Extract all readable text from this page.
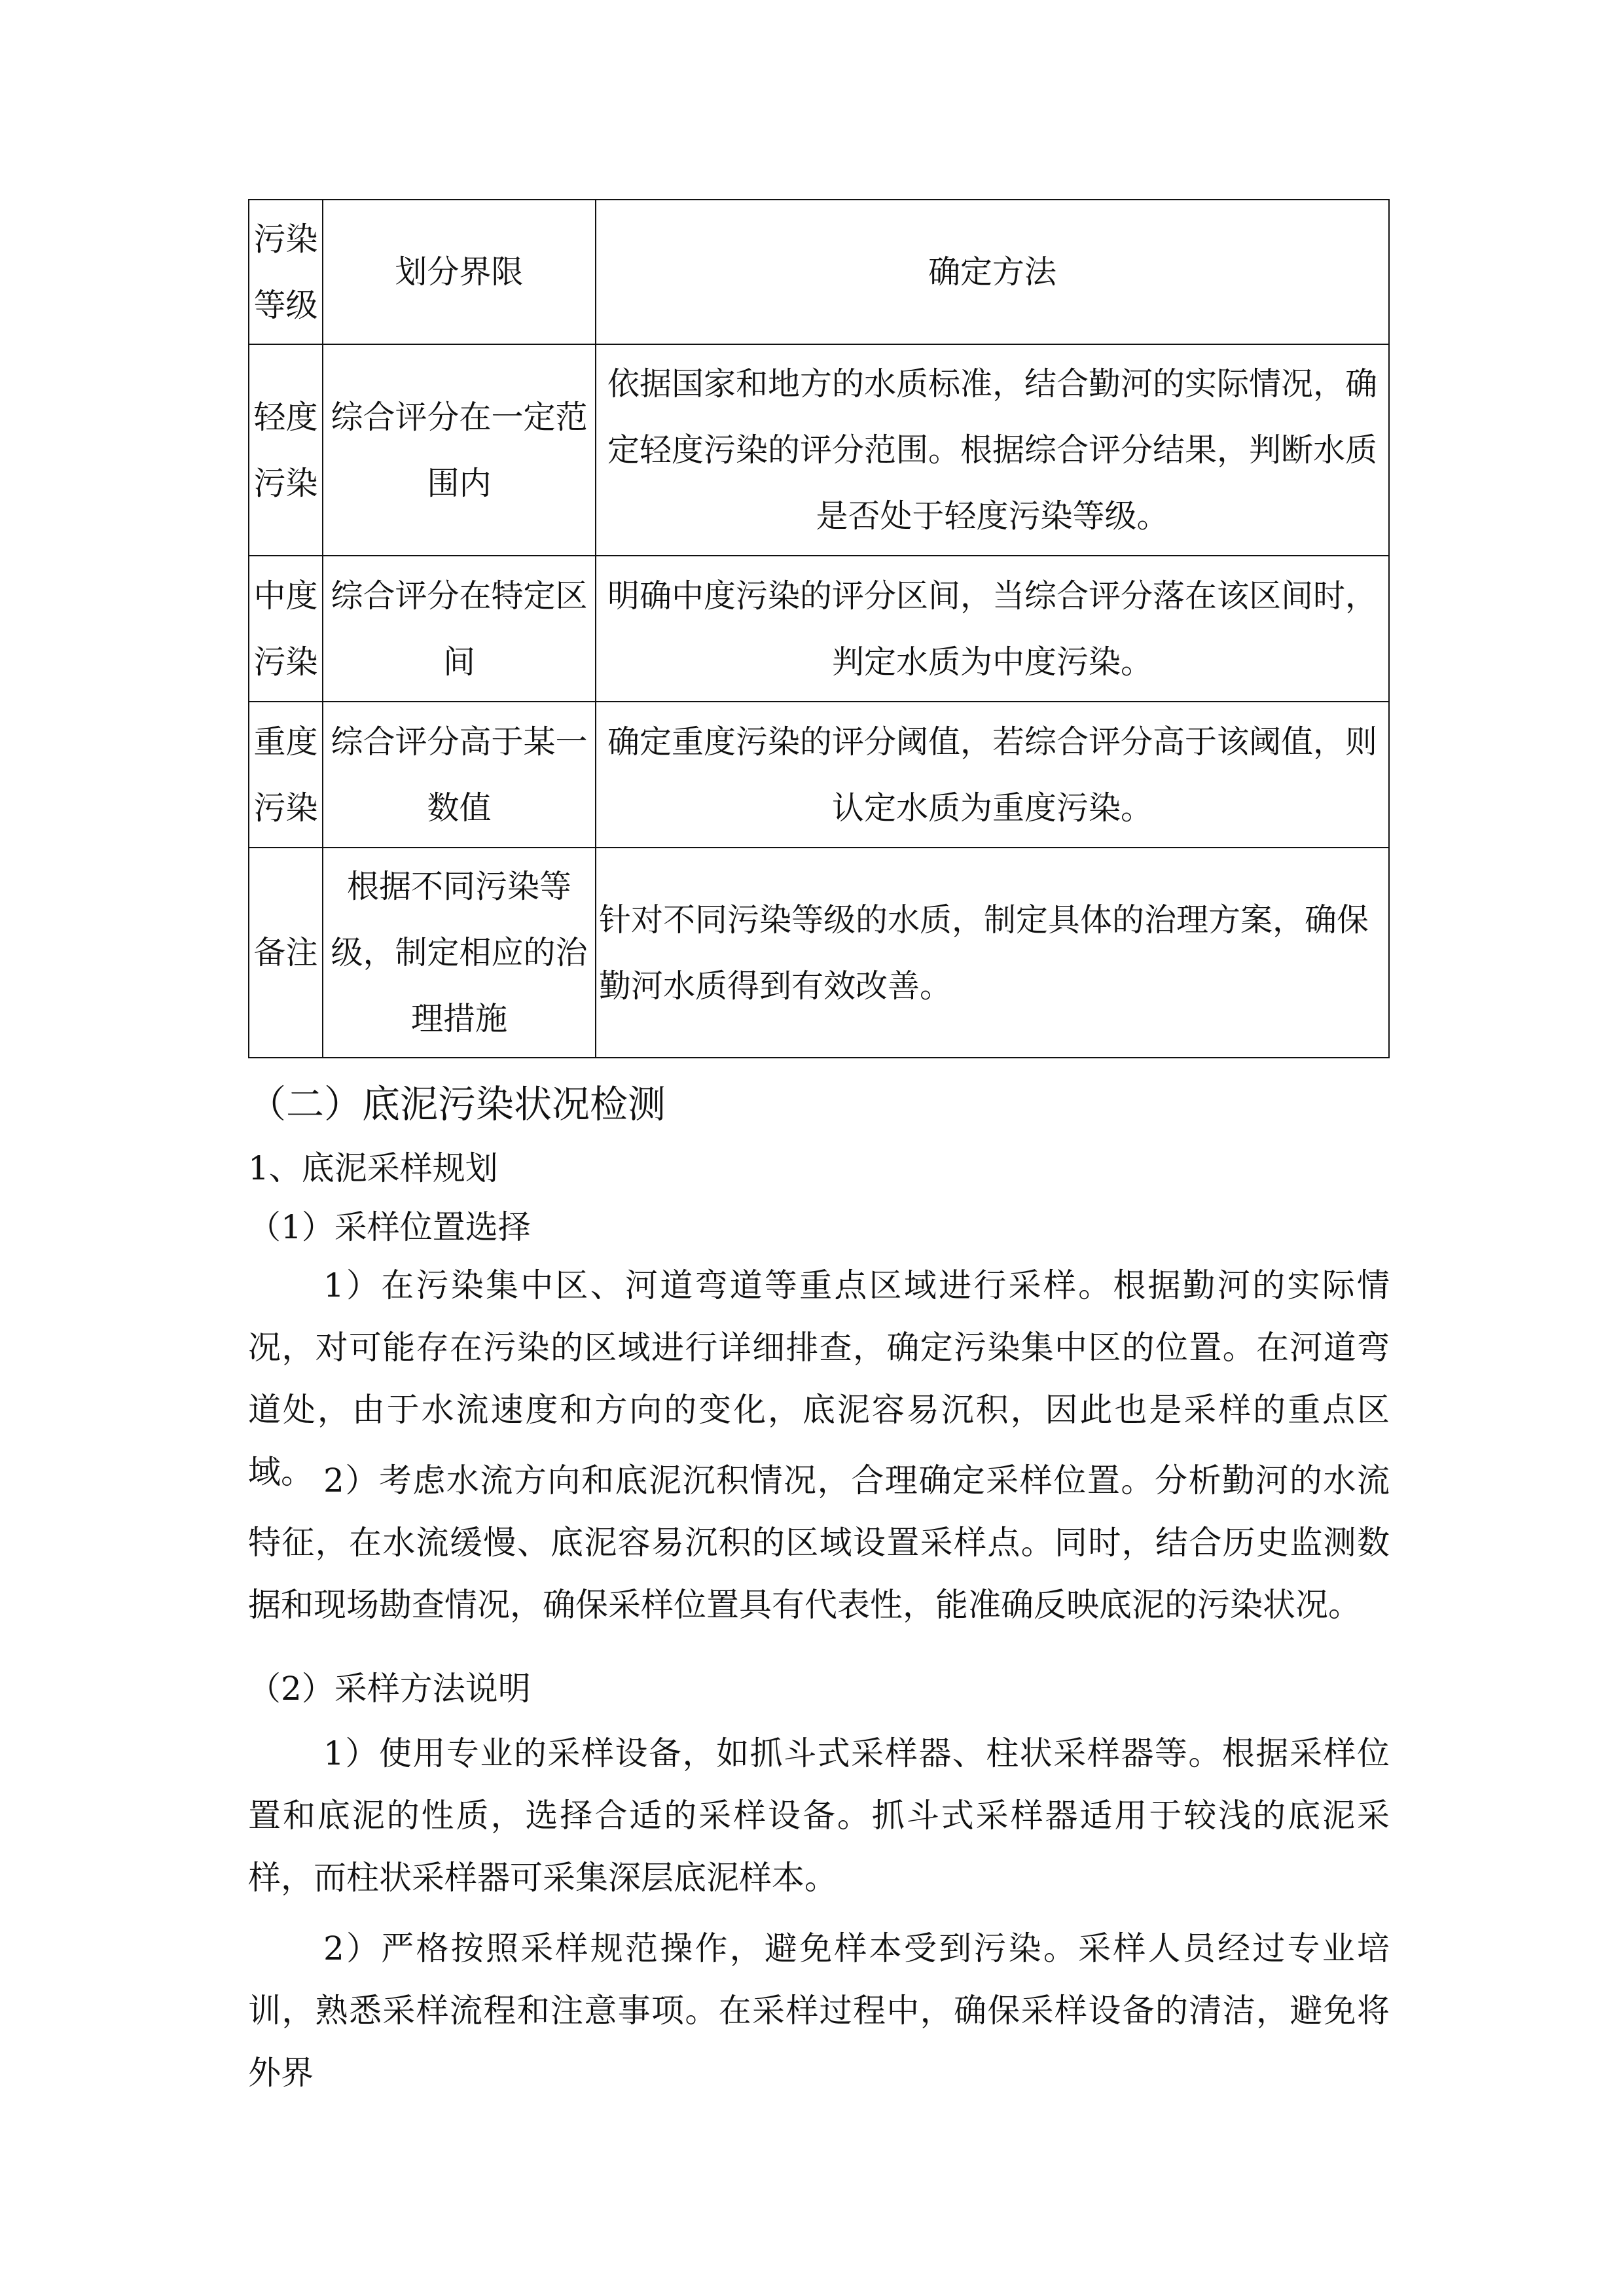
污染等级	划分界限	确定方法
轻度污染	综合评分在一定范围内	依据国家和地方的水质标准，结合勤河的实际情况，确定轻度污染的评分范围。根据综合评分结果，判断水质是否处于轻度污染等级。
中度污染	综合评分在特定区间	明确中度污染的评分区间，当综合评分落在该区间时，判定水质为中度污染。
重度污染	综合评分高于某一数值	确定重度污染的评分阈值，若综合评分高于该阈值，则认定水质为重度污染。
备注	根据不同污染等级，制定相应的治理措施	针对不同污染等级的水质，制定具体的治理方案，确保勤河水质得到有效改善。
（二）底泥污染状况检测
1、底泥采样规划
（1）采样位置选择
1）在污染集中区、河道弯道等重点区域进行采样。根据勤河的实际情况，对可能存在污染的区域进行详细排查，确定污染集中区的位置。在河道弯道处，由于水流速度和方向的变化，底泥容易沉积，因此也是采样的重点区域。 2）考虑水流方向和底泥沉积情况，合理确定采样位置。分析勤河的水流特征，在水流缓慢、底泥容易沉积的区域设置采样点。同时，结合历史监测数据和现场勘查情况，确保采样位置具有代表性，能准确反映底泥的污染状况。
（2）采样方法说明
1）使用专业的采样设备，如抓斗式采样器、柱状采样器等。根据采样位置和底泥的性质，选择合适的采样设备。抓斗式采样器适用于较浅的底泥采样，而柱状采样器可采集深层底泥样本。
2）严格按照采样规范操作，避免样本受到污染。采样人员经过专业培训，熟悉采样流程和注意事项。在采样过程中，确保采样设备的清洁，避免将外界
